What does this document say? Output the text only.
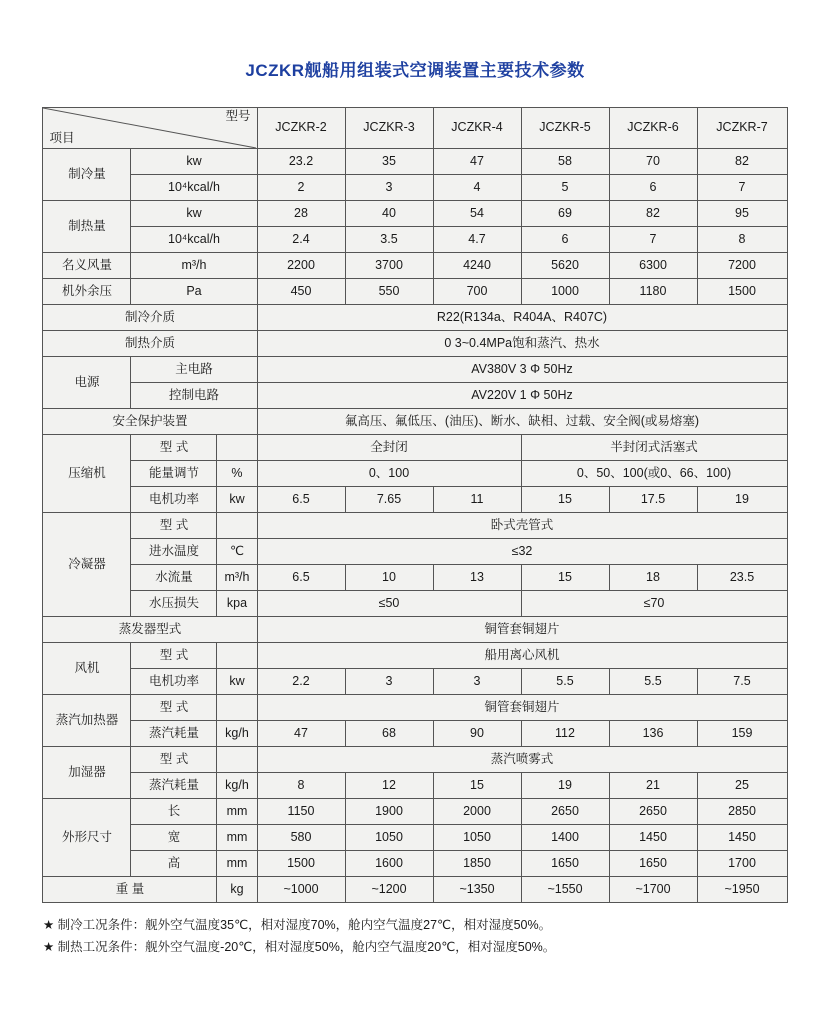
JCZKR舰船用组装式空调装置主要技术参数
项目
型号			JCZKR-2	JCZKR-3	JCZKR-4	JCZKR-5	JCZKR-6	JCZKR-7
制冷量	kw		23.2	35	47	58	70	82
	10⁴kcal/h		2	3	4	5	6	7
制热量	kw		28	40	54	69	82	95
	10⁴kcal/h		2.4	3.5	4.7	6	7	8
名义风量	m³/h		2200	3700	4240	5620	6300	7200
机外余压	Pa		450	550	700	1000	1180	1500
制冷介质			R22(R134a、R404A、R407C)					
制热介质			0 3~0.4MPa饱和蒸汽、热水					
电源	主电路		AV380V 3 Φ 50Hz					
	控制电路		AV220V 1 Φ 50Hz					
安全保护装置			氟高压、氟低压、(油压)、断水、缺相、过载、安全阀(或易熔塞)					
压缩机	型 式		全封闭			半封闭式活塞式		
	能量调节	%	0、100			0、50、100(或0、66、100)		
	电机功率	kw	6.5	7.65	11	15	17.5	19
冷凝器	型 式		卧式壳管式					
	进水温度	℃	≤32					
	水流量	m³/h	6.5	10	13	15	18	23.5
	水压损失	kpa	≤50			≤70		
蒸发器型式			铜管套铜翅片					
风机	型 式		船用离心风机					
	电机功率	kw	2.2	3	3	5.5	5.5	7.5
蒸汽加热器	型 式		铜管套铜翅片					
	蒸汽耗量	kg/h	47	68	90	112	136	159
加湿器	型 式		蒸汽喷雾式					
	蒸汽耗量	kg/h	8	12	15	19	21	25
外形尺寸	长	mm	1150	1900	2000	2650	2650	2850
	宽	mm	580	1050	1050	1400	1450	1450
	高	mm	1500	1600	1850	1650	1650	1700
重 量		kg	~1000	~1200	~1350	~1550	~1700	~1950
★ 制冷工况条件：舰外空气温度35℃，相对湿度70%，舱内空气温度27℃，相对湿度50%。
★ 制热工况条件：舰外空气温度-20℃，相对湿度50%，舱内空气温度20℃，相对湿度50%。
